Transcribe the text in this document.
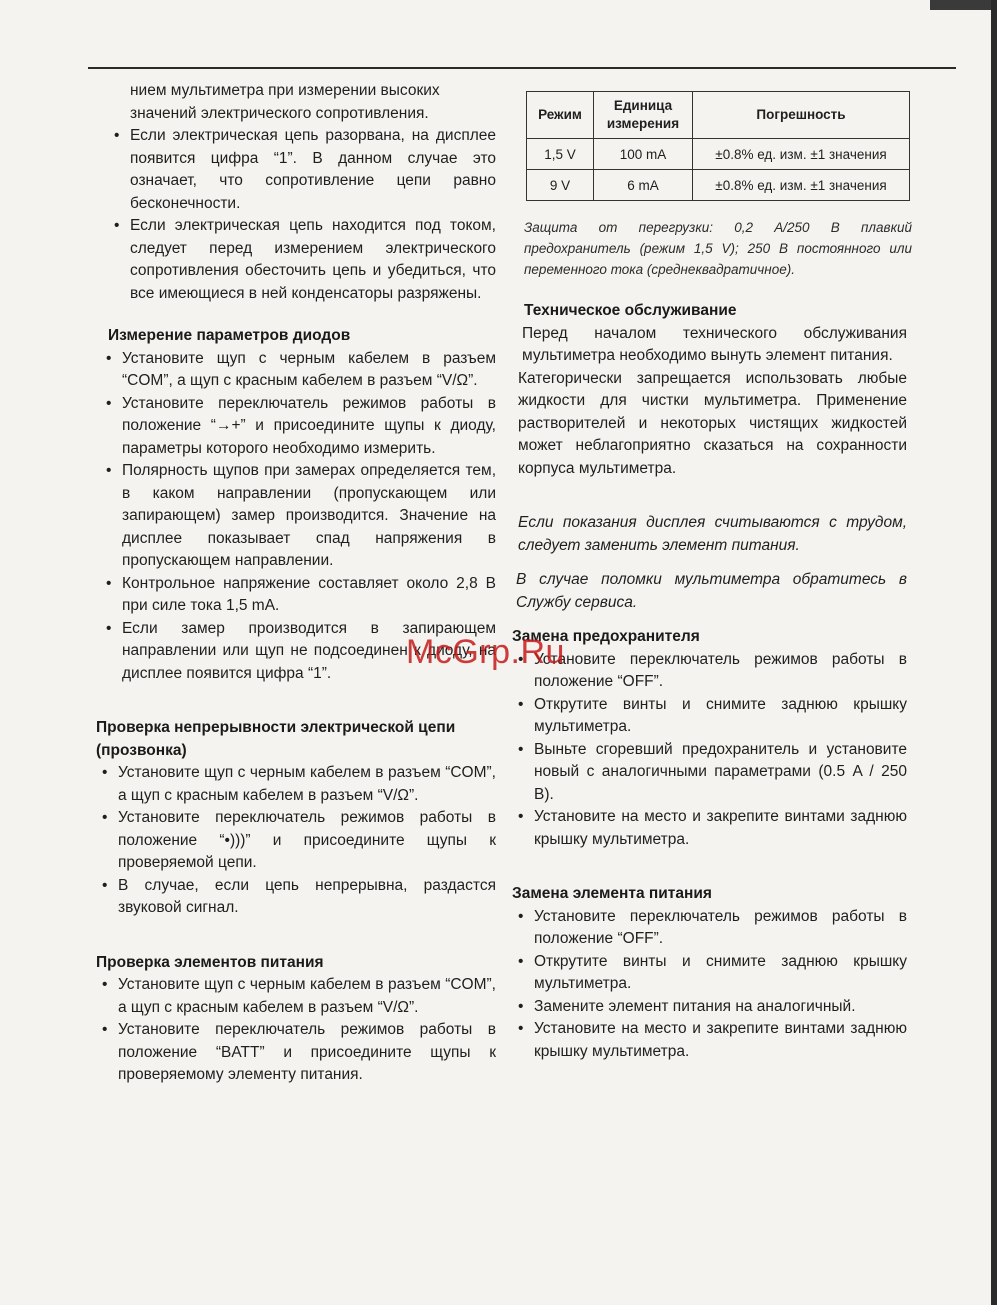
нием мультиметра при измерении высоких

значений электрического сопротивления.

• Если электрическая цепь разорвана, на дисплее появится цифра “1”. В данном случае это означает, что сопротивление цепи равно бесконечности.
• Если электрическая цепь находится под током, следует перед измерением электрического сопротивления обесточить цепь и убедиться, что все имеющиеся в ней конденсаторы разряжены.
Измерение параметров диодов
• Установите щуп с черным кабелем в разъем “COM”, а щуп с красным кабелем в разъем “V/Ω”.
• Установите переключатель режимов работы в положение “→+” и присоедините щупы к диоду, параметры которого необходимо измерить.
• Полярность щупов при замерах определяется тем, в каком направлении (пропускающем или запирающем) замер производится. Значение на дисплее показывает спад напряжения в пропускающем направлении.
• Контрольное напряжение составляет около 2,8 В при силе тока 1,5 mA.
• Если замер производится в запирающем направлении или щуп не подсоединен к диоду, на дисплее появится цифра “1”.
Проверка непрерывности электрической цепи (прозвонка)
• Установите щуп с черным кабелем в разъем “COM”, а щуп с красным кабелем в разъем “V/Ω”.
• Установите переключатель режимов работы в положение “•)))” и присоедините щупы к проверяемой цепи.
• В случае, если цепь непрерывна, раздастся звуковой сигнал.
Проверка элементов питания
• Установите щуп с черным кабелем в разъем “COM”, а щуп с красным кабелем в разъем “V/Ω”.
• Установите переключатель режимов работы в положение “BATT” и присоедините щупы к проверяемому элементу питания.
Режим	Единица измерения	Погрешность
1,5 V	100 mA	±0.8% ед. изм. ±1 значения
9 V	6 mA	±0.8% ед. изм. ±1 значения

Защита от перегрузки: 0,2 A/250 В плавкий предохранитель (режим 1,5 V); 250 В постоянного или переменного тока (среднеквадратичное).

Техническое обслуживание

Перед началом технического обслуживания мультиметра необходимо вынуть элемент питания.

Категорически запрещается использовать любые жидкости для чистки мультиметра. Применение растворителей и некоторых чистящих жидкостей может неблагоприятно сказаться на сохранности корпуса мультиметра.

Если показания дисплея считываются с трудом, следует заменить элемент питания.

В случае поломки мультиметра обратитесь в Службу сервиса.

Замена предохранителя
• Установите переключатель режимов работы в положение “OFF”.
• Открутите винты и снимите заднюю крышку мультиметра.
• Выньте сгоревший предохранитель и установите новый с аналогичными параметрами (0.5 A / 250 В).
• Установите на место и закрепите винтами заднюю крышку мультиметра.
Замена элемента питания
• Установите переключатель режимов работы в положение “OFF”.
• Открутите винты и снимите заднюю крышку мультиметра.
• Замените элемент питания на аналогичный.
• Установите на место и закрепите винтами заднюю крышку мультиметра.
McGrp.Ru
